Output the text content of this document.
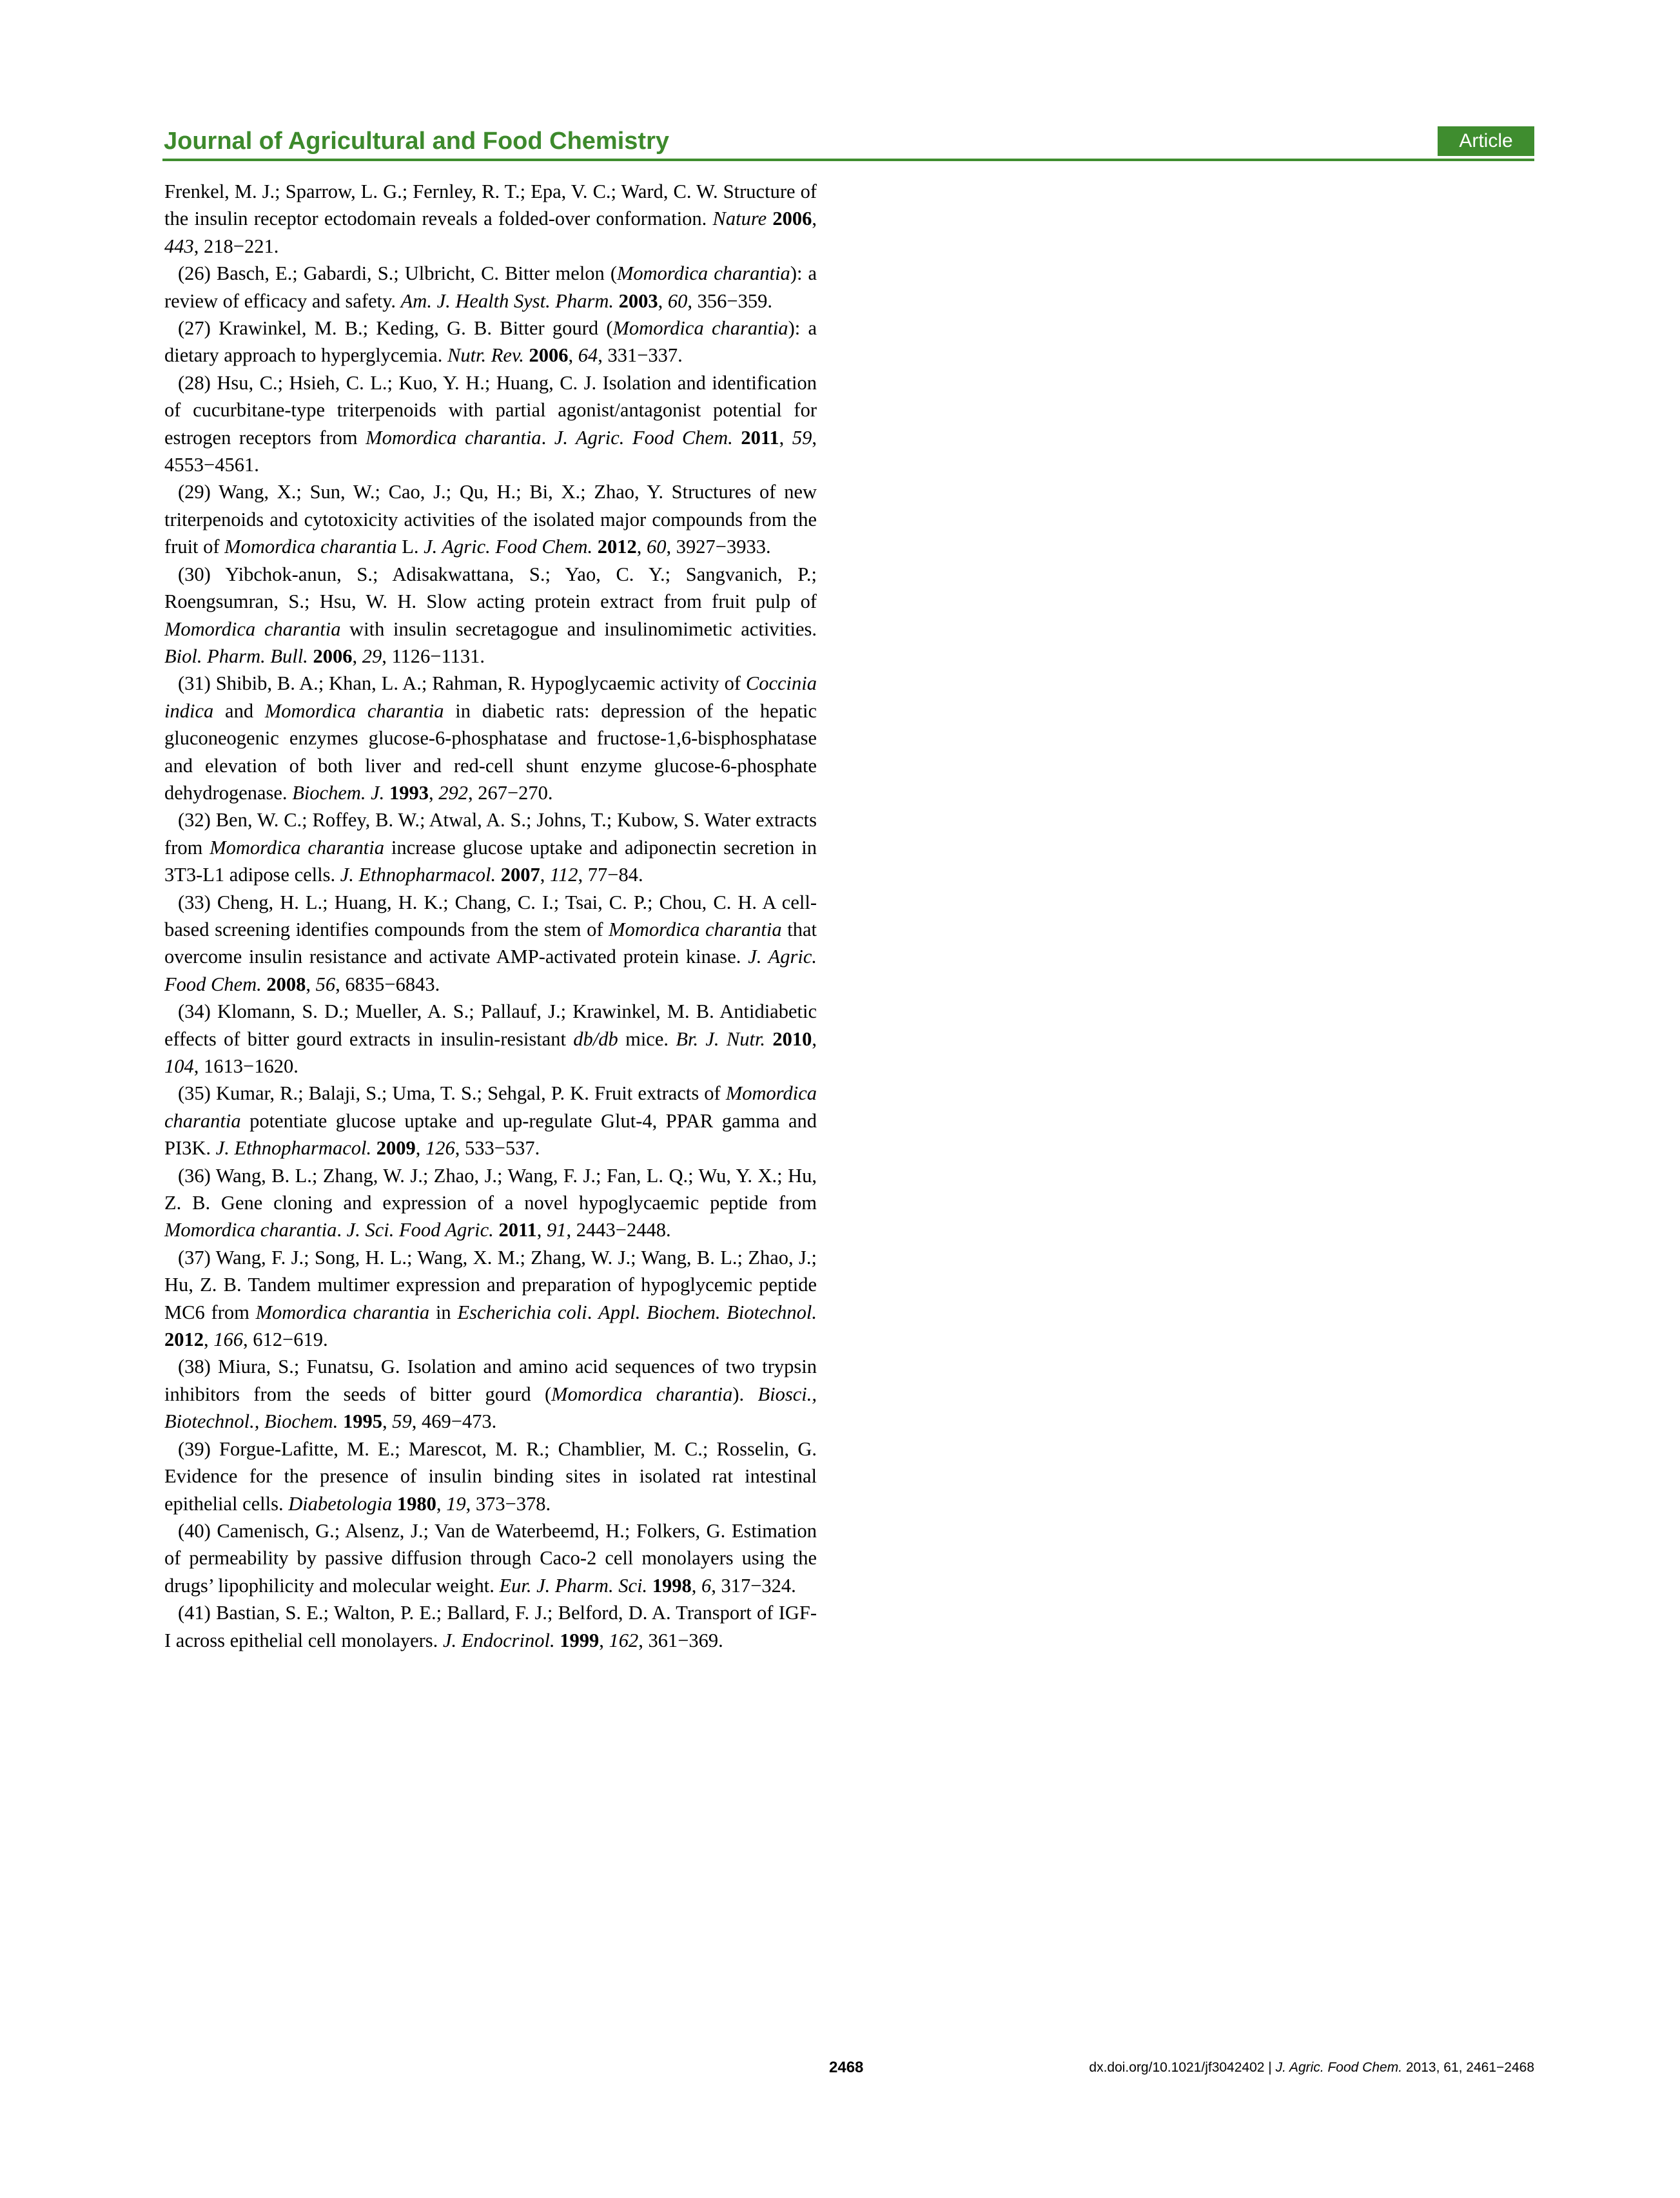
Journal of Agricultural and Food Chemistry	Article
Frenkel, M. J.; Sparrow, L. G.; Fernley, R. T.; Epa, V. C.; Ward, C. W. Structure of the insulin receptor ectodomain reveals a folded-over conformation. Nature 2006, 443, 218−221.
(26) Basch, E.; Gabardi, S.; Ulbricht, C. Bitter melon (Momordica charantia): a review of efficacy and safety. Am. J. Health Syst. Pharm. 2003, 60, 356−359.
(27) Krawinkel, M. B.; Keding, G. B. Bitter gourd (Momordica charantia): a dietary approach to hyperglycemia. Nutr. Rev. 2006, 64, 331−337.
(28) Hsu, C.; Hsieh, C. L.; Kuo, Y. H.; Huang, C. J. Isolation and identification of cucurbitane-type triterpenoids with partial agonist/antagonist potential for estrogen receptors from Momordica charantia. J. Agric. Food Chem. 2011, 59, 4553−4561.
(29) Wang, X.; Sun, W.; Cao, J.; Qu, H.; Bi, X.; Zhao, Y. Structures of new triterpenoids and cytotoxicity activities of the isolated major compounds from the fruit of Momordica charantia L. J. Agric. Food Chem. 2012, 60, 3927−3933.
(30) Yibchok-anun, S.; Adisakwattana, S.; Yao, C. Y.; Sangvanich, P.; Roengsumran, S.; Hsu, W. H. Slow acting protein extract from fruit pulp of Momordica charantia with insulin secretagogue and insulinomimetic activities. Biol. Pharm. Bull. 2006, 29, 1126−1131.
(31) Shibib, B. A.; Khan, L. A.; Rahman, R. Hypoglycaemic activity of Coccinia indica and Momordica charantia in diabetic rats: depression of the hepatic gluconeogenic enzymes glucose-6-phosphatase and fructose-1,6-bisphosphatase and elevation of both liver and red-cell shunt enzyme glucose-6-phosphate dehydrogenase. Biochem. J. 1993, 292, 267−270.
(32) Ben, W. C.; Roffey, B. W.; Atwal, A. S.; Johns, T.; Kubow, S. Water extracts from Momordica charantia increase glucose uptake and adiponectin secretion in 3T3-L1 adipose cells. J. Ethnopharmacol. 2007, 112, 77−84.
(33) Cheng, H. L.; Huang, H. K.; Chang, C. I.; Tsai, C. P.; Chou, C. H. A cell-based screening identifies compounds from the stem of Momordica charantia that overcome insulin resistance and activate AMP-activated protein kinase. J. Agric. Food Chem. 2008, 56, 6835−6843.
(34) Klomann, S. D.; Mueller, A. S.; Pallauf, J.; Krawinkel, M. B. Antidiabetic effects of bitter gourd extracts in insulin-resistant db/db mice. Br. J. Nutr. 2010, 104, 1613−1620.
(35) Kumar, R.; Balaji, S.; Uma, T. S.; Sehgal, P. K. Fruit extracts of Momordica charantia potentiate glucose uptake and up-regulate Glut-4, PPAR gamma and PI3K. J. Ethnopharmacol. 2009, 126, 533−537.
(36) Wang, B. L.; Zhang, W. J.; Zhao, J.; Wang, F. J.; Fan, L. Q.; Wu, Y. X.; Hu, Z. B. Gene cloning and expression of a novel hypoglycaemic peptide from Momordica charantia. J. Sci. Food Agric. 2011, 91, 2443−2448.
(37) Wang, F. J.; Song, H. L.; Wang, X. M.; Zhang, W. J.; Wang, B. L.; Zhao, J.; Hu, Z. B. Tandem multimer expression and preparation of hypoglycemic peptide MC6 from Momordica charantia in Escherichia coli. Appl. Biochem. Biotechnol. 2012, 166, 612−619.
(38) Miura, S.; Funatsu, G. Isolation and amino acid sequences of two trypsin inhibitors from the seeds of bitter gourd (Momordica charantia). Biosci., Biotechnol., Biochem. 1995, 59, 469−473.
(39) Forgue-Lafitte, M. E.; Marescot, M. R.; Chamblier, M. C.; Rosselin, G. Evidence for the presence of insulin binding sites in isolated rat intestinal epithelial cells. Diabetologia 1980, 19, 373−378.
(40) Camenisch, G.; Alsenz, J.; Van de Waterbeemd, H.; Folkers, G. Estimation of permeability by passive diffusion through Caco-2 cell monolayers using the drugs’ lipophilicity and molecular weight. Eur. J. Pharm. Sci. 1998, 6, 317−324.
(41) Bastian, S. E.; Walton, P. E.; Ballard, F. J.; Belford, D. A. Transport of IGF-I across epithelial cell monolayers. J. Endocrinol. 1999, 162, 361−369.
2468	dx.doi.org/10.1021/jf3042402 | J. Agric. Food Chem. 2013, 61, 2461−2468
